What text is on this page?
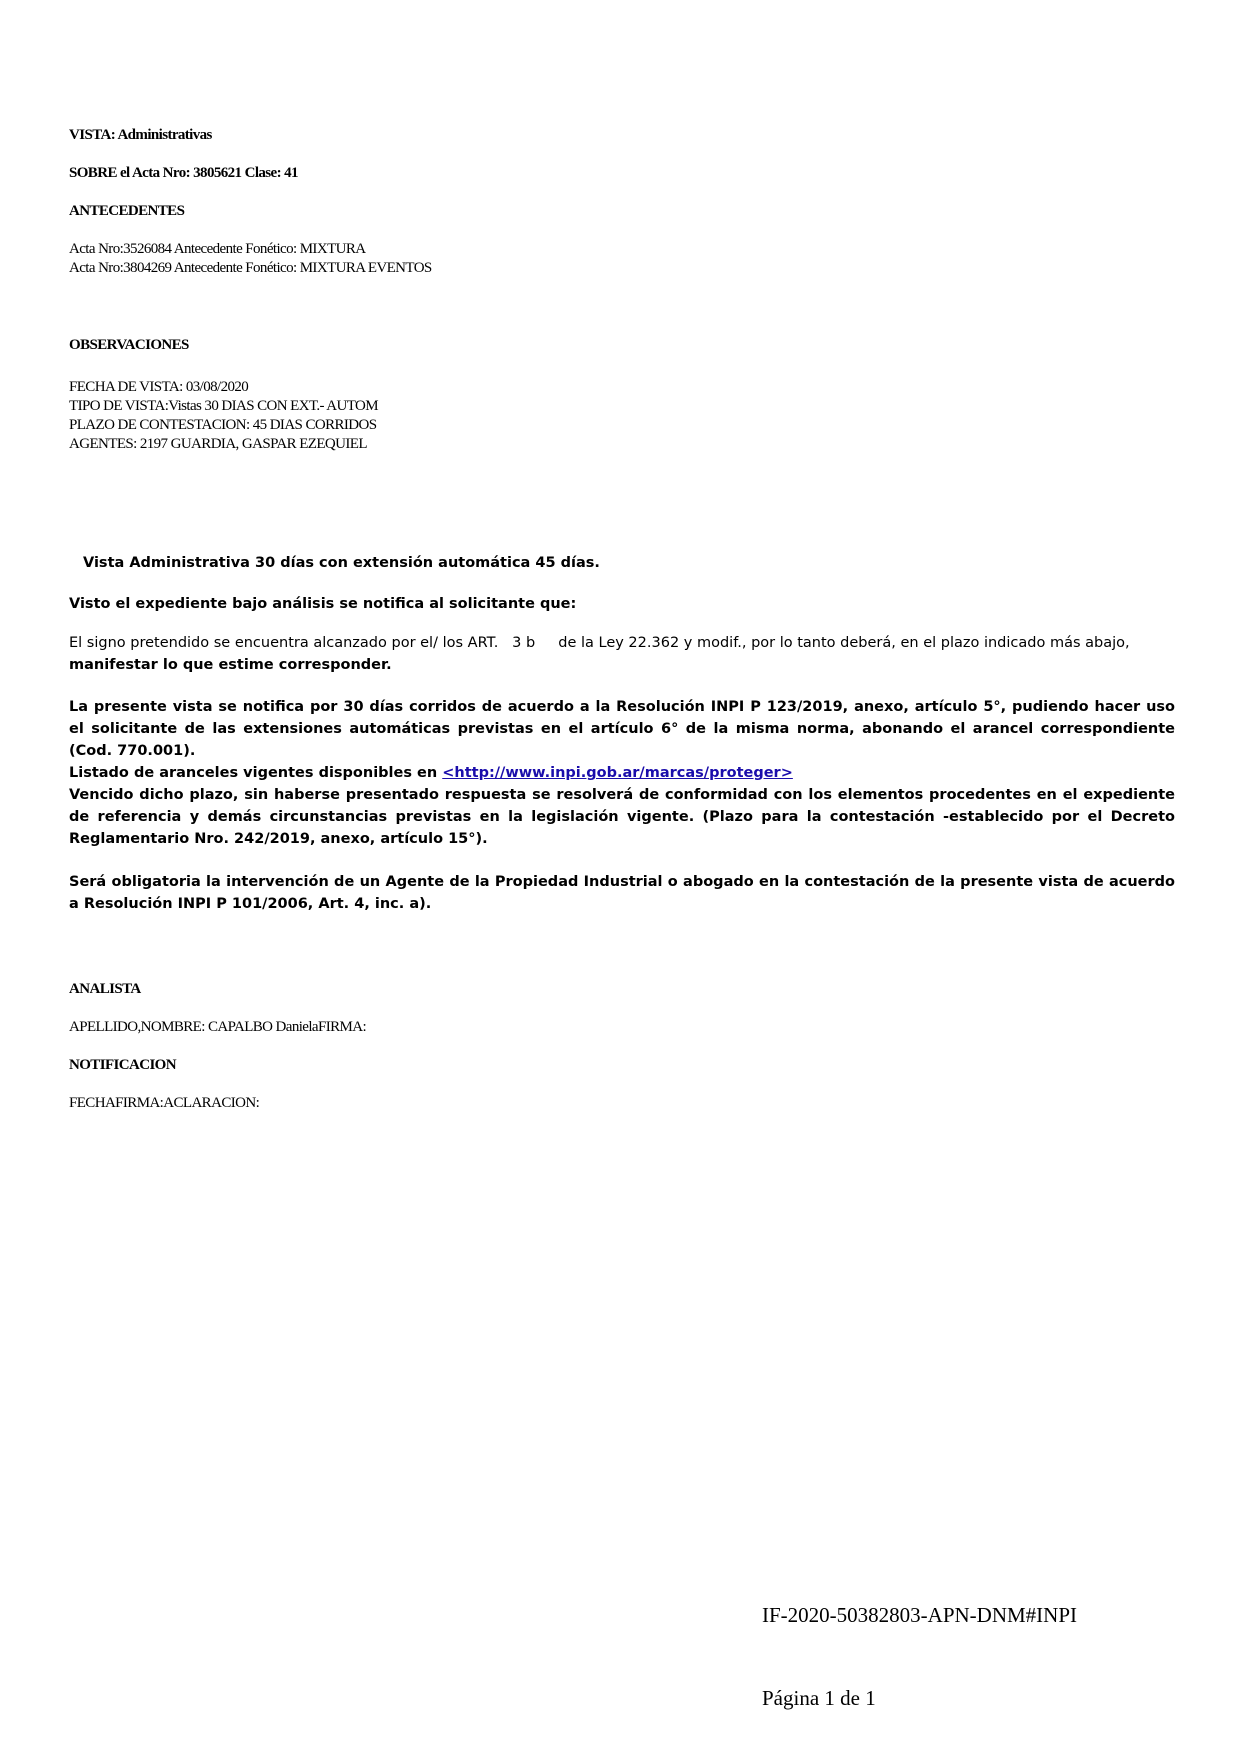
VISTA: Administrativas
SOBRE el Acta Nro: 3805621 Clase: 41
ANTECEDENTES
Acta Nro:3526084 Antecedente Fonético: MIXTURA
Acta Nro:3804269 Antecedente Fonético: MIXTURA EVENTOS
OBSERVACIONES
FECHA DE VISTA: 03/08/2020
TIPO DE VISTA:Vistas 30 DIAS CON EXT.- AUTOM
PLAZO DE CONTESTACION: 45 DIAS CORRIDOS
AGENTES: 2197 GUARDIA, GASPAR EZEQUIEL
Vista Administrativa 30 días con extensión automática 45 días.
Visto el expediente bajo análisis se notifica al solicitante que:
El signo pretendido se encuentra alcanzado por el/ los ART.   3 b     de la Ley 22.362 y modif., por lo tanto deberá, en el plazo indicado más abajo,
manifestar lo que estime corresponder.
La presente vista se notifica por 30 días corridos de acuerdo a la Resolución INPI P 123/2019, anexo, artículo 5°, pudiendo hacer uso el solicitante de las extensiones automáticas previstas en el artículo 6° de la misma norma, abonando el arancel correspondiente (Cod. 770.001).
Listado de aranceles vigentes disponibles en <http://www.inpi.gob.ar/marcas/proteger>
Vencido dicho plazo, sin haberse presentado respuesta se resolverá de conformidad con los elementos procedentes en el expediente de referencia y demás circunstancias previstas en la legislación vigente. (Plazo para la contestación -establecido por el Decreto Reglamentario Nro. 242/2019, anexo, artículo 15°).
Será obligatoria la intervención de un Agente de la Propiedad Industrial o abogado en la contestación de la presente vista de acuerdo a Resolución INPI P 101/2006, Art. 4, inc. a).
ANALISTA
APELLIDO,NOMBRE: CAPALBO DanielaFIRMA:
NOTIFICACION
FECHAFIRMA:ACLARACION:
IF-2020-50382803-APN-DNM#INPI
Página 1 de 1
